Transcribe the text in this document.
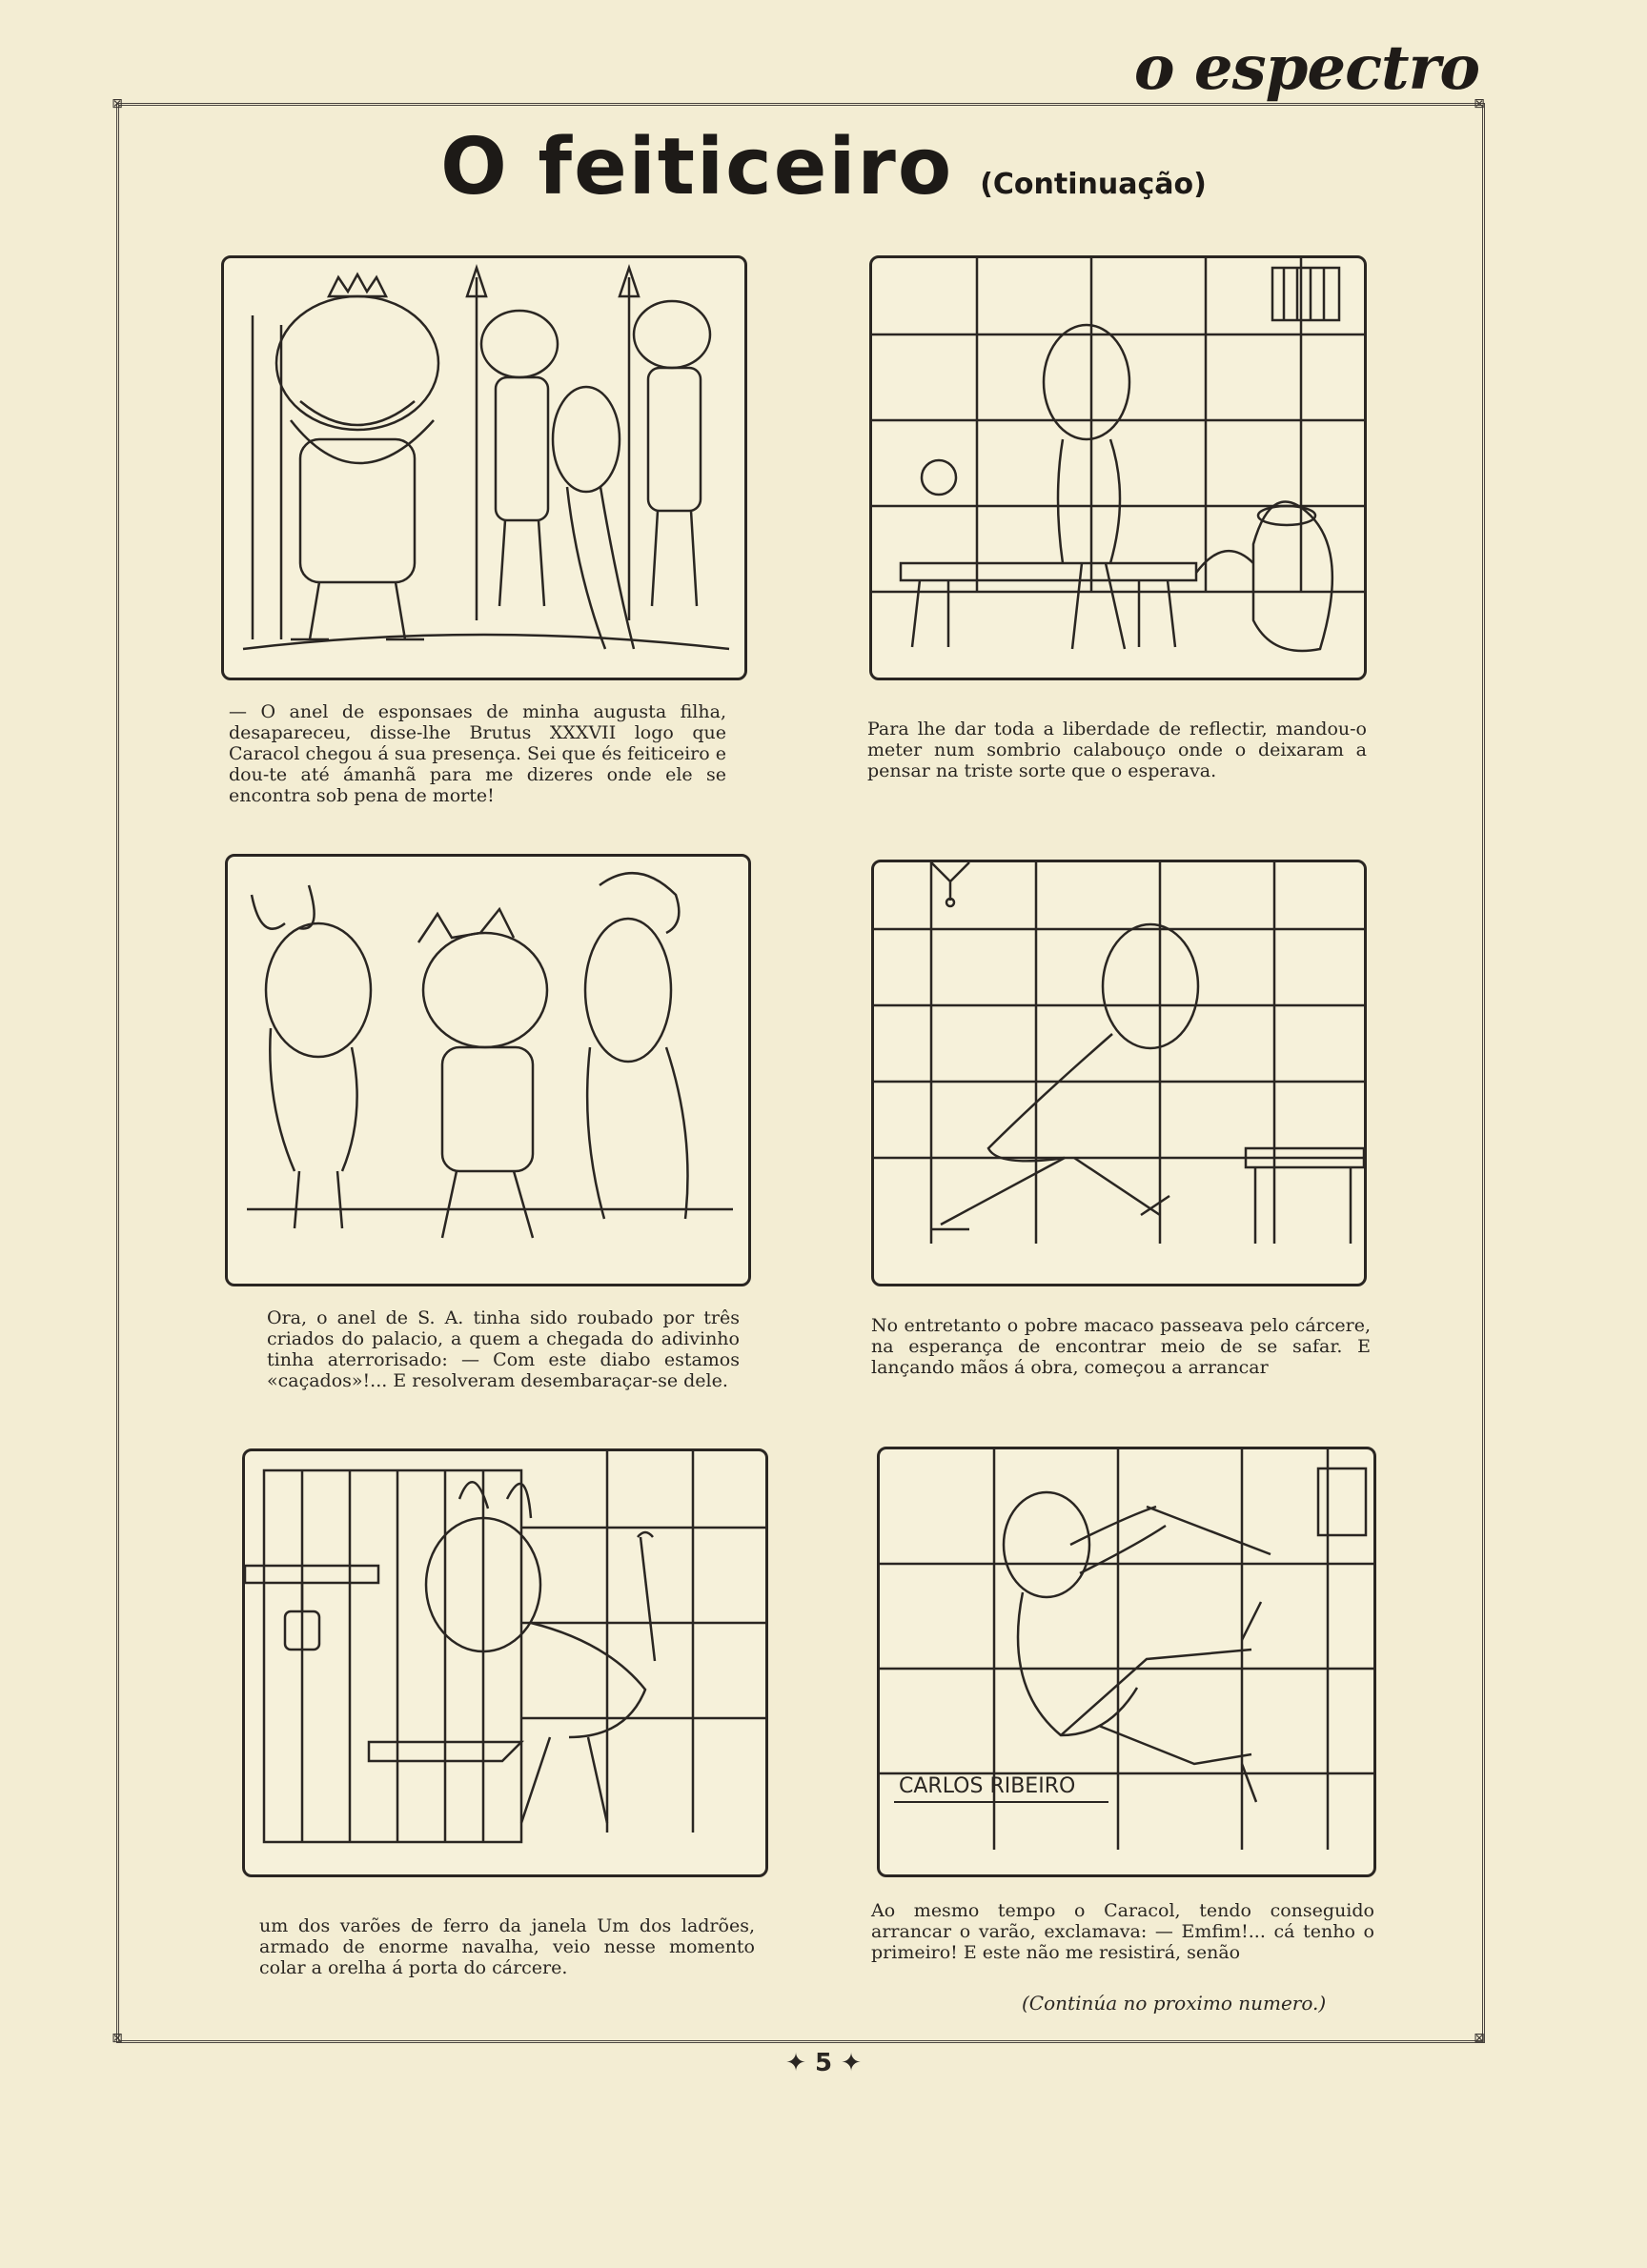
o espectro
⊠	⊠
⊠	⊠
O feiticeiro (Continuação)
— O anel de esponsaes de minha augusta filha, desapareceu, disse-lhe Brutus XXXVII logo que Caracol chegou á sua presença. Sei que és feiticeiro e dou-te até ámanhã para me dizeres onde ele se encontra sob pena de morte!
Para lhe dar toda a liberdade de reflectir, mandou-o meter num sombrio calabouço onde o deixaram a pensar na triste sorte que o esperava.
Ora, o anel de S. A. tinha sido roubado por três criados do palacio, a quem a chegada do adivinho tinha aterrorisado: — Com este diabo estamos «caçados»!... E resolveram desembaraçar-se dele.
No entretanto o pobre macaco passeava pelo cárcere, na esperança de encontrar meio de se safar. E lançando mãos á obra, começou a arrancar
CARLOS RIBEIRO
um dos varões de ferro da janela Um dos ladrões, armado de enorme navalha, veio nesse momento colar a orelha á porta do cárcere.
Ao mesmo tempo o Caracol, tendo conseguido arrancar o varão, exclamava: — Emfim!... cá tenho o primeiro! E este não me resistirá, senão
(Continúa no proximo numero.)
✦ 5 ✦
